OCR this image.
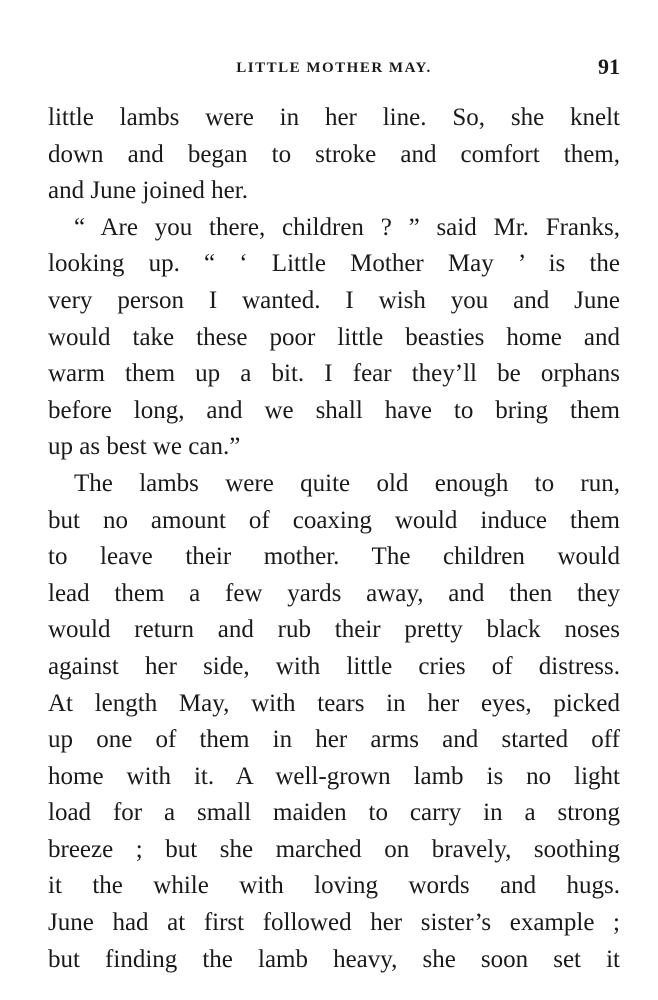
LITTLE MOTHER MAY.	91
little lambs were in her line. So, she knelt
down and began to stroke and comfort them,
and June joined her.
“ Are you there, children ? ” said Mr. Franks,
looking up. “ ‘ Little Mother May ’ is the
very person I wanted. I wish you and June
would take these poor little beasties home and
warm them up a bit. I fear they’ll be orphans
before long, and we shall have to bring them
up as best we can.”
The lambs were quite old enough to run,
but no amount of coaxing would induce them
to leave their mother. The children would
lead them a few yards away, and then they
would return and rub their pretty black noses
against her side, with little cries of distress.
At length May, with tears in her eyes, picked
up one of them in her arms and started off
home with it. A well-grown lamb is no light
load for a small maiden to carry in a strong
breeze ; but she marched on bravely, soothing
it the while with loving words and hugs.
June had at first followed her sister’s example ;
but finding the lamb heavy, she soon set it
